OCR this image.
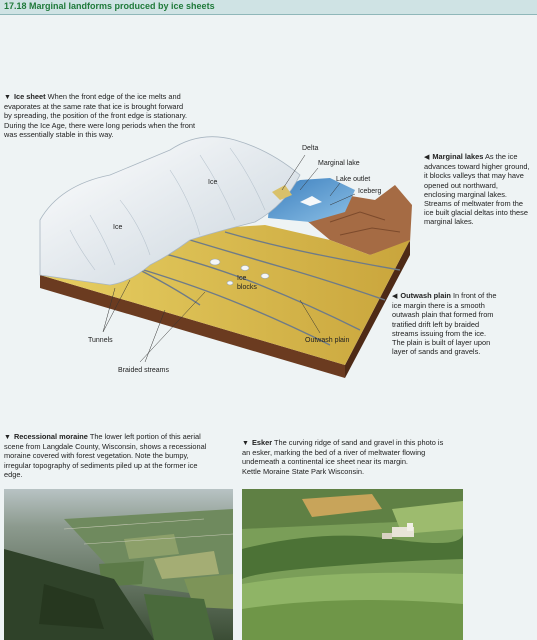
17.18 Marginal landforms produced by ice sheets
Delta
Marginal lake
Lake outlet
Iceberg
Ice
Ice
Ice
blocks
Tunnels	Outwash plain
Braided streams
▼ Ice sheet When the front edge of the ice melts and
evaporates at the same rate that ice is brought forward
by spreading, the position of the front edge is stationary.
During the Ice Age, there were long periods when the front
was essentially stable in this way.
◀ Marginal lakes As the ice
advances toward higher ground,
it blocks valleys that may have
opened out northward,
enclosing marginal lakes.
Streams of meltwater from the
ice built glacial deltas into these
marginal lakes.
◀ Outwash plain In front of the
ice margin there is a smooth
outwash plain that formed from
tratified drift left by braided
streams issuing from the ice.
The plain is built of layer upon
layer of sands and gravels.
▼ Recessional moraine The lower left portion of this aerial
scene from Langdale County, Wisconsin, shows a recessional
moraine covered with forest vegetation. Note the bumpy,
irregular topography of sediments piled up at the former ice
edge.
▼ Esker The curving ridge of sand and gravel in this photo is
an esker, marking the bed of a river of meltwater flowing
underneath a continental ice sheet near its margin.
Kettle Moraine State Park Wisconsin.
